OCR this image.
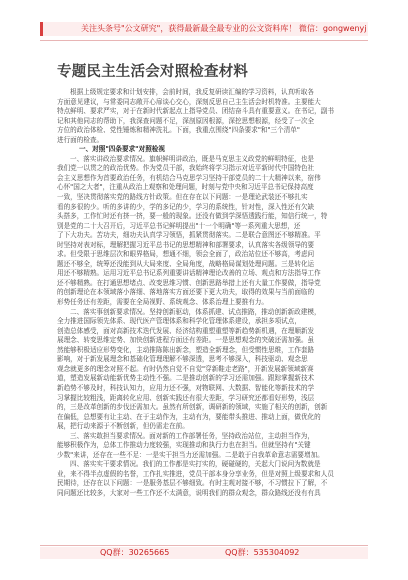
关注头条号"公文研究"，获得最新最全最专业的公文资料库！ 微信：gongwenyj
专题民主生活会对照检查材料
根据上级规定要求和计划安排，会前时间，我反复研读汇编的学习资料，认真听取各
方面意见建议，与常委同志敞开心扉谈心交心，深刻反思自己主生活会时机特准。主要能大
特点鲜明、要求严实，对于在新时代新起点上指导党员、团结奋斗具有重要意义。在书记，副书
记和其他同志的帮助下，我深查问题不足，深剖原因根源，深挖思想根源，经受了一次全
方位的政治体检、党性锤炼和精神洗礼。下面，我重点围绕"四条要求"和"三个清单"
进行面的检查。
一、对照"四条要求"对照检视
一、落实讲政治要求情况。旗帜鲜明讲政治，既是马克思主义政党的鲜明特征，也是
我们党一以贯之的政治优势。作为党员干部，我始终将学习指示对近平新时代中国特色社
会主义思想作为首要政治任务，有机结合马克思学习坚持干部党员的二十大精神以来，宿伟
心怀"国之大者"，注重从政治上观察和处理问题，时刻与党中央和习近平总书记保持高度
一致，坚决贯彻落实党的路线方针政策。但在存在以下问题：一是理论武装还不够扎实
看的多很的少。听的多讲的少，学的多记的少，学习的系统性，针对性，深入性还有欠缺
头搭多，工作忙时还有挤一挤，要一般的现象。还没有做到学深悟透践行能，知信行统一，特
别是党的二十大召开后，习近平总书记鲜明提出"十一个明确"等一系列重大思想，还
了下大功夫。苦功夫，细功夫认真学习领悟，抓紧贯彻落实。二是联合意图还不够精准。平
时坚持对表对标，理解把握习近平总书记的思想精神和部署要求，认真落实各级领导的要
求。但受限于思维层次和眼界格局，想通不细，领会全面了，政治站位还不够高，考虑问
题还不够全，统筹还没能到从大局来度、全局角度，战略格局谋划处理问题。三是转化运
用还不够精熟。运用习近平总书记系列重要讲话精神理论改善的立场、观点和方法指导工作
还不够精熟。在打通思想堵点、改变思维习惯、创新思路举措上还有大量工作要做，指导党
的创新理论在本领域落小落细、落地落实方面还要下更大功夫，取得的效果与当前面临的
形势任务还有差距，需要在全局视野、系统观念、体系治理上要推有力。
二、落实事创新要求情况。坚持创新驱动，体系抓建、试点推路，推动创新新政建模，
全力推进国际领先体系、现代医产管理体系和科学化管理体系建设，承担多项试点，
创造总体感受，面对高新技术迭代发展、经济结构重塑重塑等新趋势新机遇，在理顺新发
展理念、转变思维定势、加快创新进程方面还有差距。一是思想观念的突破还需加强。虽
然能够积极适应形势变化，主动推陈陈出新念，塑造全新理念，但受惯性思维，工作套路
影响，对于新发展理念和基础化管理理解不够深透，思考不够深入，科技驱动、观念思
观念就更多的理念对照不起。有时仍然自觉不自觉"穿新鞋走老路"，开新发展新领域新赛
道，塑造发展新动能新优势主动性不强。二是推动创新的学习还需加强。跟踪掌握新技术
新趋势不够及时，科技认知力，应用力还不强，对物联网、大数据、智能化等新技术的学
习掌握比较粗浅，距离转化应用、创新实践还有很大差距，学习研究还都看好形势，浅层
的，三是改革创新的步伐还需加大。虽然有所创新，调研新的领域，实施了相关的创新，创新
在偏低，总想要有让主动、在于主动作为，主动有为，要能带头推进、推动上面，做优化的
展，把行动来源于不断创新，但仍需走在前。
三、落实敢担当要求情况。面对新的工作部署任务，坚持政治站位，主动担当作为，
能够积极作为，总体工作推动力度较强，实现推动和执行力也在担当。但就坚持有"关键
少数"来讲，还存在一些不足：一是实干担当力还需加强。二是敢于自我革命意志需要增加。
四、落实实干要求情况。我们的工作都是实打实的，硬碰硬的，关起大门说问为数就是
业，来不得半点虚假的名誉，工作扎实推进，党员干部本身分享业务，但是对照上级要求和人员
民期待，还存在以下问题：一是服务基层不够细致。有时主观对接不够，不习惯拉下了解，不
同问题还比较多，大家对一些工作还不太满意，说明我们的群众观念，群众路线还没有有具
QQ群：30265665	QQ群：535304092
